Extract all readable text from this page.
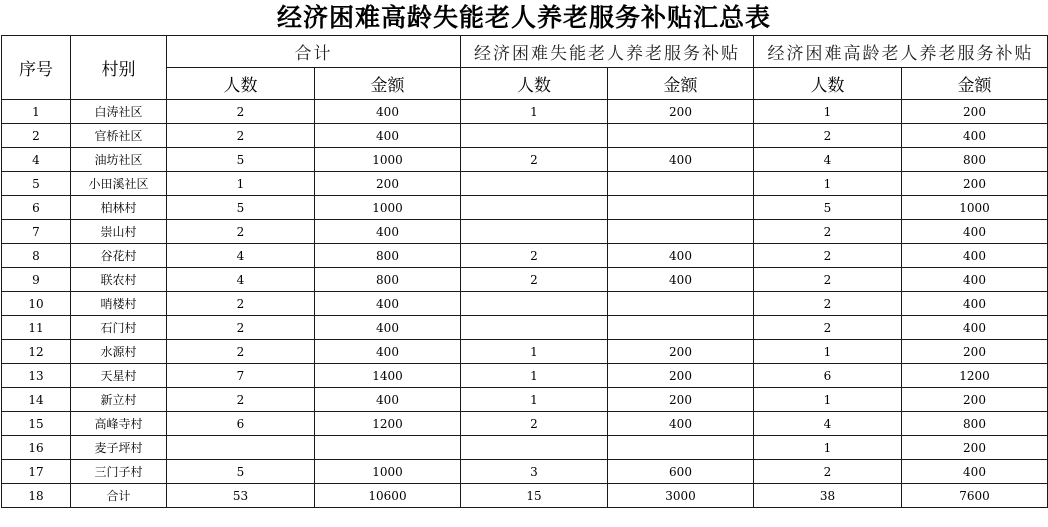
经济困难高龄失能老人养老服务补贴汇总表
序号	村别	合计		经济困难失能老人养老服务补贴		经济困难高龄老人养老服务补贴	
		人数	金额	人数	金额	人数	金额
1	白涛社区	2	400	1	200	1	200
2	官桥社区	2	400			2	400
4	油坊社区	5	1000	2	400	4	800
5	小田溪社区	1	200			1	200
6	柏林村	5	1000			5	1000
7	崇山村	2	400			2	400
8	谷花村	4	800	2	400	2	400
9	联农村	4	800	2	400	2	400
10	哨楼村	2	400			2	400
11	石门村	2	400			2	400
12	水源村	2	400	1	200	1	200
13	天星村	7	1400	1	200	6	1200
14	新立村	2	400	1	200	1	200
15	高峰寺村	6	1200	2	400	4	800
16	麦子坪村					1	200
17	三门子村	5	1000	3	600	2	400
18	合计	53	10600	15	3000	38	7600
